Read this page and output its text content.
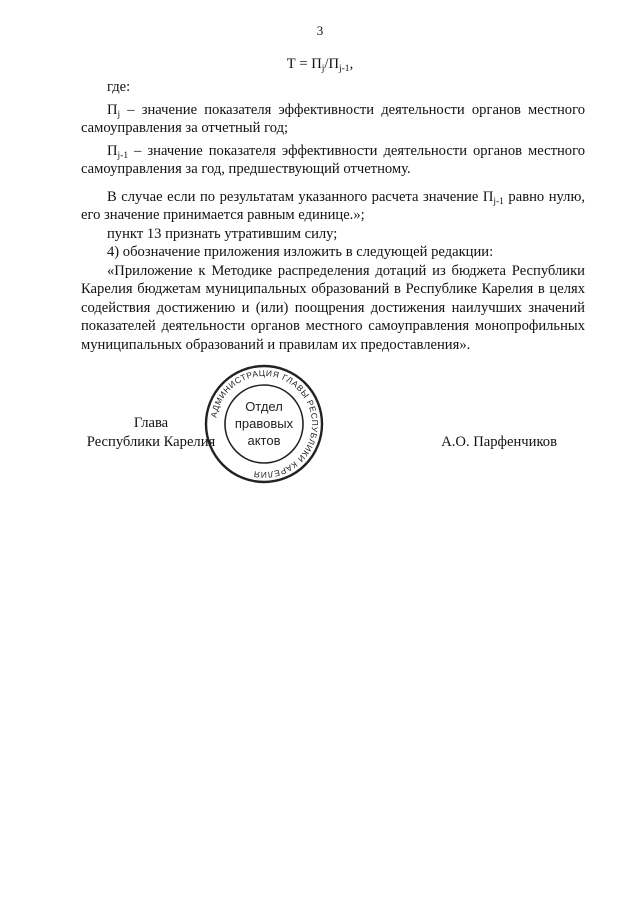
3
$Т = П_j/П_{j-1}$,

где:

$П_j$ – значение показателя эффективности деятельности органов местного самоуправления за отчетный год;

$П_{j-1}$ – значение показателя эффективности деятельности органов местного самоуправления за год, предшествующий отчетному.

В случае если по результатам указанного расчета значение $П_{j-1}$ равно нулю, его значение принимается равным единице.»;

пункт 13 признать утратившим силу;

4) обозначение приложения изложить в следующей редакции:

«Приложение к Методике распределения дотаций из бюджета Республики Карелия бюджетам муниципальных образований в Республике Карелия в целях содействия достижению и (или) поощрения достижения наилучших значений показателей деятельности органов местного самоуправления монопрофильных муниципальных образований и правилам их предоставления».

Глава
Республики Карелия	А.О. Парфенчиков
АДМИНИСТРАЦИЯ ГЛАВЫ РЕСПУБЛИКИ КАРЕЛИЯ
Отдел
правовых
актов
